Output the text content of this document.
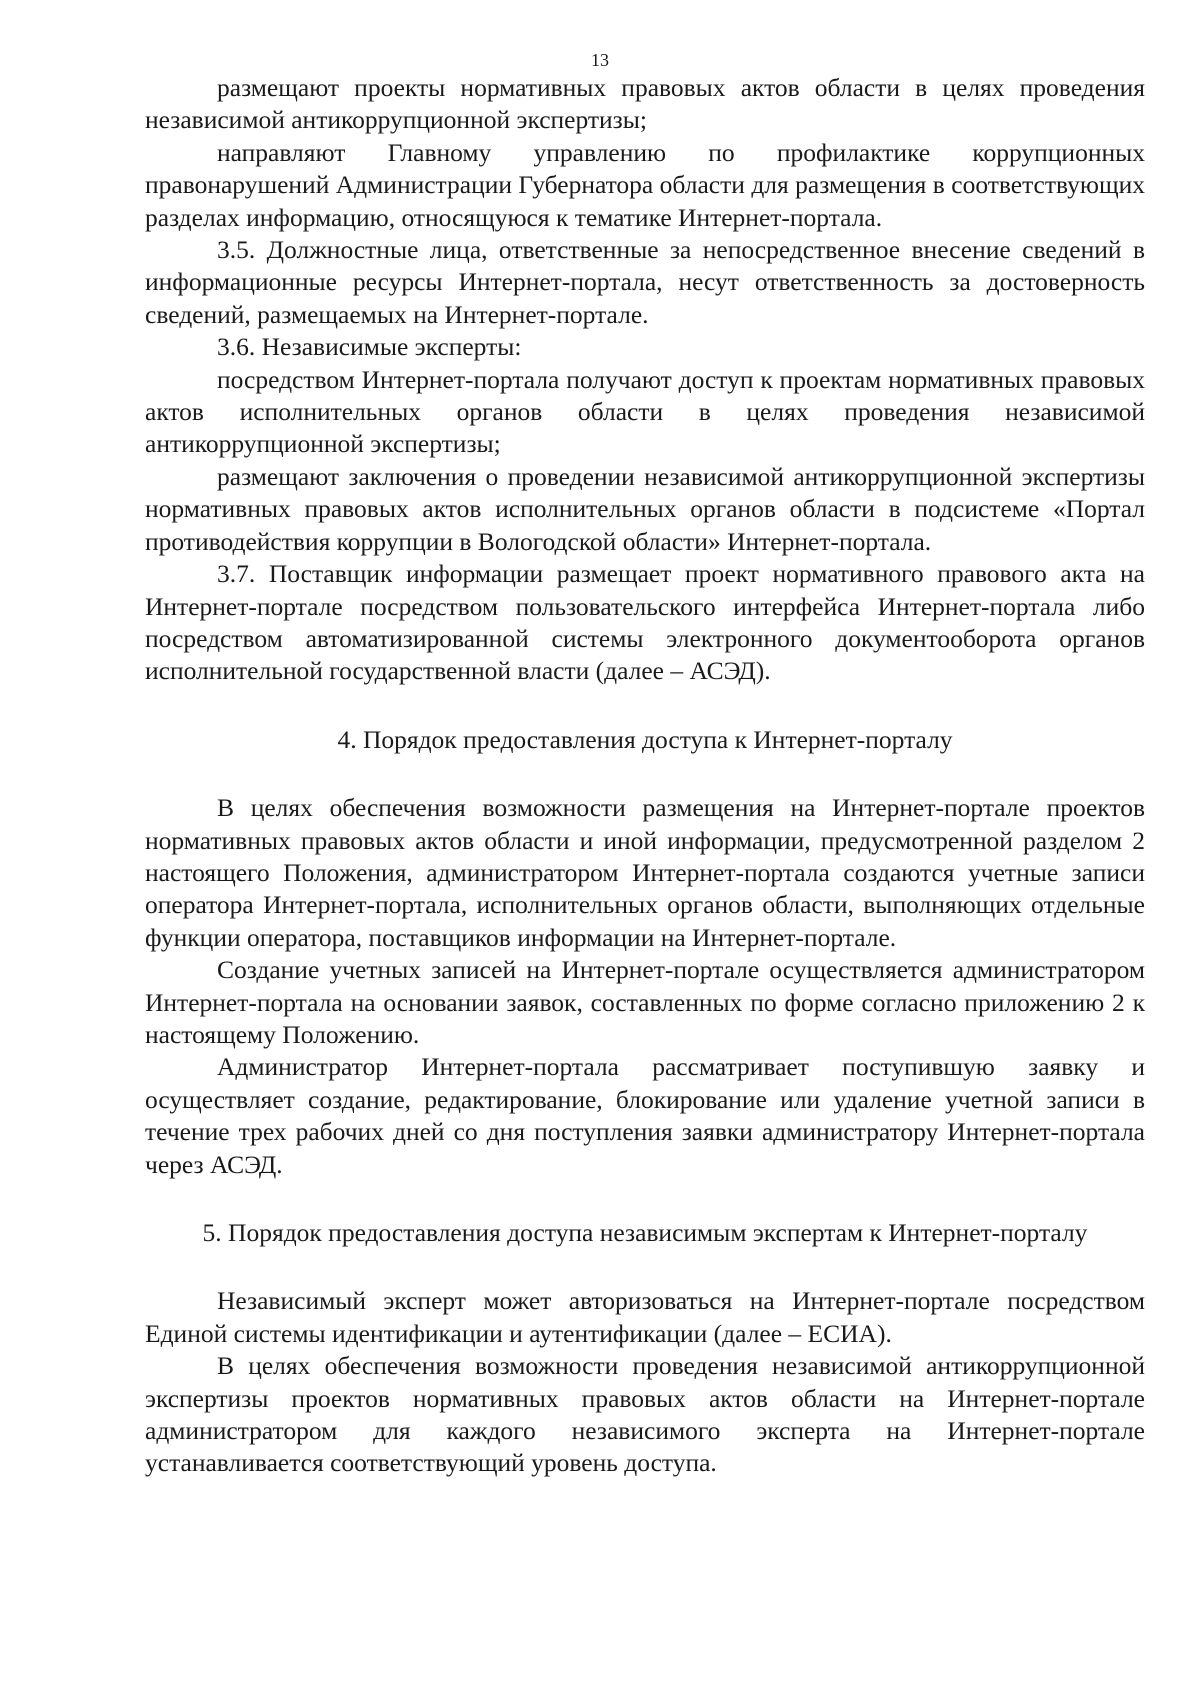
13

размещают проекты нормативных правовых актов области в целях проведения независимой антикоррупционной экспертизы;

направляют Главному управлению по профилактике коррупционных правонарушений Администрации Губернатора области для размещения в соответствующих разделах информацию, относящуюся к тематике Интернет-портала.

3.5. Должностные лица, ответственные за непосредственное внесение сведений в информационные ресурсы Интернет-портала, несут ответственность за достоверность сведений, размещаемых на Интернет-портале.

3.6. Независимые эксперты:

посредством Интернет-портала получают доступ к проектам нормативных правовых актов исполнительных органов области в целях проведения независимой антикоррупционной экспертизы;

размещают заключения о проведении независимой антикоррупционной экспертизы нормативных правовых актов исполнительных органов области в подсистеме «Портал противодействия коррупции в Вологодской области» Интернет-портала.

3.7. Поставщик информации размещает проект нормативного правового акта на Интернет-портале посредством пользовательского интерфейса Интернет-портала либо посредством автоматизированной системы электронного документооборота органов исполнительной государственной власти (далее – АСЭД).

4. Порядок предоставления доступа к Интернет-порталу

В целях обеспечения возможности размещения на Интернет-портале проектов нормативных правовых актов области и иной информации, предусмотренной разделом 2 настоящего Положения, администратором Интернет-портала создаются учетные записи оператора Интернет-портала, исполнительных органов области, выполняющих отдельные функции оператора, поставщиков информации на Интернет-портале.

Создание учетных записей на Интернет-портале осуществляется администратором Интернет-портала на основании заявок, составленных по форме согласно приложению 2 к настоящему Положению.

Администратор Интернет-портала рассматривает поступившую заявку и осуществляет создание, редактирование, блокирование или удаление учетной записи в течение трех рабочих дней со дня поступления заявки администратору Интернет-портала через АСЭД.

5. Порядок предоставления доступа независимым экспертам к Интернет-порталу

Независимый эксперт может авторизоваться на Интернет-портале посредством Единой системы идентификации и аутентификации (далее – ЕСИА).

В целях обеспечения возможности проведения независимой антикоррупционной экспертизы проектов нормативных правовых актов области на Интернет-портале администратором для каждого независимого эксперта на Интернет-портале устанавливается соответствующий уровень доступа.
